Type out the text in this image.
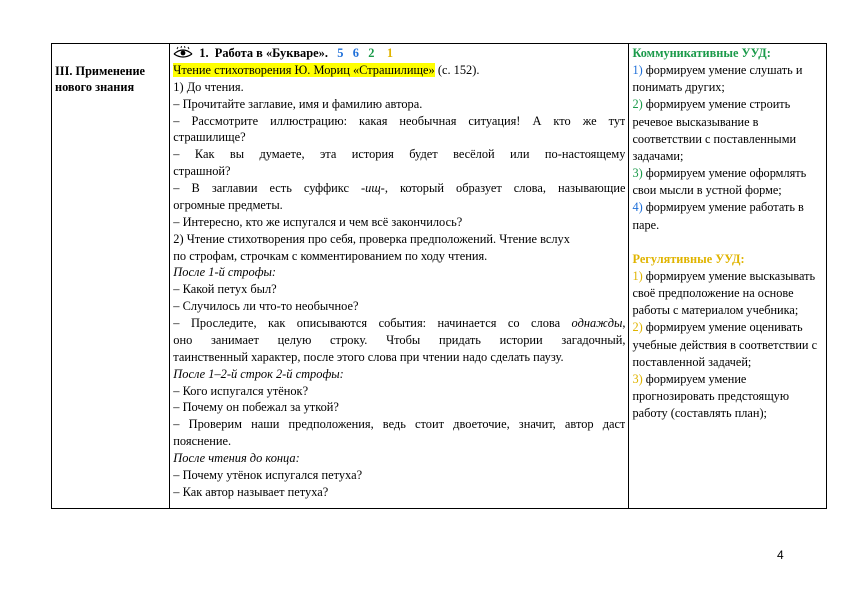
III. Применение нового знания

1. Работа в «Букваре». 5 6 2 1
Чтение стихотворения Ю. Мориц «Страшилище» (с. 152).
1) До чтения.
– Прочитайте заглавие, имя и фамилию автора.
– Рассмотрите иллюстрацию: какая необычная ситуация! А кто же тут
страшилище?
– Как вы думаете, эта история будет весёлой или по-настоящему
страшной?
– В заглавии есть суффикс -ищ-, который образует слова, называющие
огромные предметы.
– Интересно, кто же испугался и чем всё закончилось?
2) Чтение стихотворения про себя, проверка предположений. Чтение вслух
по строфам, строчкам с комментированием по ходу чтения.
После 1-й строфы:
– Какой петух был?
– Случилось ли что-то необычное?
– Проследите, как описываются события: начинается со слова однажды,
оно занимает целую строку. Чтобы придать истории загадочный,
таинственный характер, после этого слова при чтении надо сделать паузу.
После 1–2-й строк 2-й строфы:
– Кого испугался утёнок?
– Почему он побежал за уткой?
– Проверим наши предположения, ведь стоит двоеточие, значит, автор даст
пояснение.
После чтения до конца:
– Почему утёнок испугался петуха?
– Как автор называет петуха?

Коммуникативные УУД:
1) формируем умение слушать и понимать других;
2) формируем умение строить речевое высказывание в соответствии с поставленными задачами;
3) формируем умение оформлять свои мысли в устной форме;
4) формируем умение работать в паре.
Регулятивные УУД:
1) формируем умение высказывать своё предположение на основе работы с материалом учебника;
2) формируем умение оценивать учебные действия в соответствии с поставленной задачей;
3) формируем умение прогнозировать предстоящую работу (составлять план);
4
